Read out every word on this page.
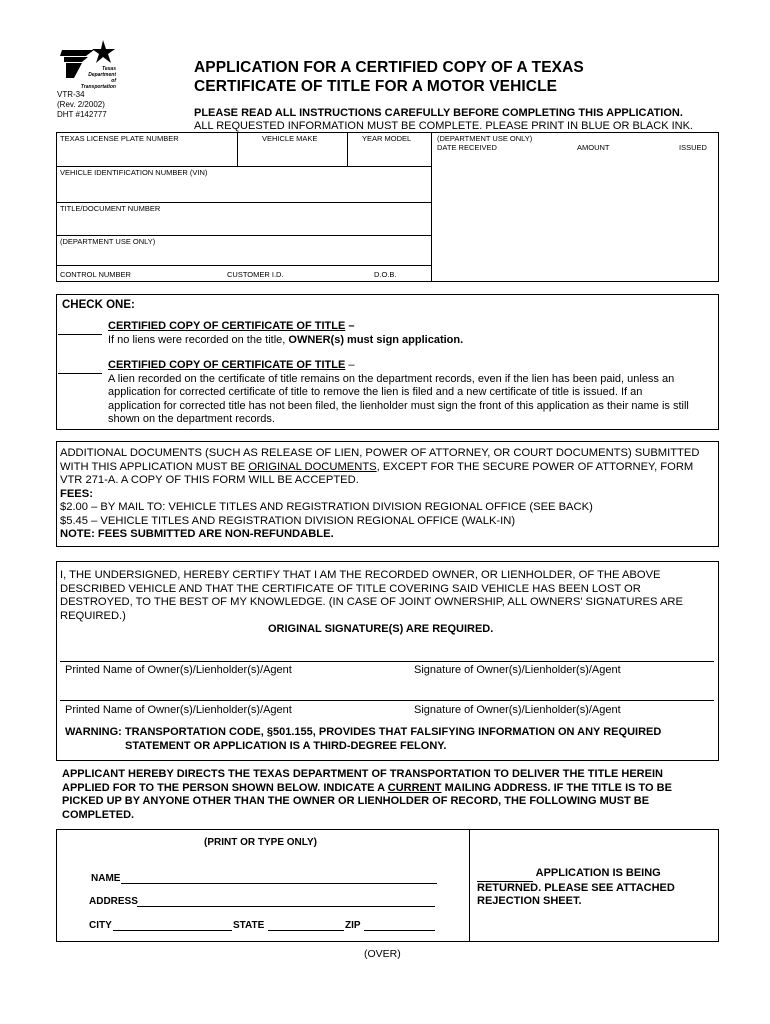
Texas
Department
of Transportation
VTR-34
(Rev. 2/2002)
DHT #142777
APPLICATION FOR A CERTIFIED COPY OF A TEXAS
CERTIFICATE OF TITLE FOR A MOTOR VEHICLE
PLEASE READ ALL INSTRUCTIONS CAREFULLY BEFORE COMPLETING THIS APPLICATION.
ALL REQUESTED INFORMATION MUST BE COMPLETE. PLEASE PRINT IN BLUE OR BLACK INK.
TEXAS LICENSE PLATE NUMBER	VEHICLE MAKE	YEAR MODEL	(DEPARTMENT USE ONLY)
DATE RECEIVED	AMOUNT	ISSUED
VEHICLE IDENTIFICATION NUMBER (VIN)
TITLE/DOCUMENT NUMBER
(DEPARTMENT USE ONLY)
CONTROL NUMBER	CUSTOMER I.D.	D.O.B.
CHECK ONE:

CERTIFIED COPY OF CERTIFICATE OF TITLE –
If no liens were recorded on the title, OWNER(s) must sign application.

CERTIFIED COPY OF CERTIFICATE OF TITLE –
A lien recorded on the certificate of title remains on the department records, even if the lien has been paid, unless an
application for corrected certificate of title to remove the lien is filed and a new certificate of title is issued. If an
application for corrected title has not been filed, the lienholder must sign the front of this application as their name is still
shown on the department records.
ADDITIONAL DOCUMENTS (SUCH AS RELEASE OF LIEN, POWER OF ATTORNEY, OR COURT DOCUMENTS) SUBMITTED
WITH THIS APPLICATION MUST BE ORIGINAL DOCUMENTS, EXCEPT FOR THE SECURE POWER OF ATTORNEY, FORM
VTR 271-A. A COPY OF THIS FORM WILL BE ACCEPTED.
FEES:
$2.00 – BY MAIL TO: VEHICLE TITLES AND REGISTRATION DIVISION REGIONAL OFFICE (SEE BACK)
$5.45 – VEHICLE TITLES AND REGISTRATION DIVISION REGIONAL OFFICE (WALK-IN)
NOTE: FEES SUBMITTED ARE NON-REFUNDABLE.
I, THE UNDERSIGNED, HEREBY CERTIFY THAT I AM THE RECORDED OWNER, OR LIENHOLDER, OF THE ABOVE
DESCRIBED VEHICLE AND THAT THE CERTIFICATE OF TITLE COVERING SAID VEHICLE HAS BEEN LOST OR
DESTROYED, TO THE BEST OF MY KNOWLEDGE. (IN CASE OF JOINT OWNERSHIP, ALL OWNERS' SIGNATURES ARE
REQUIRED.)
ORIGINAL SIGNATURE(S) ARE REQUIRED.
Printed Name of Owner(s)/Lienholder(s)/Agent	Signature of Owner(s)/Lienholder(s)/Agent
Printed Name of Owner(s)/Lienholder(s)/Agent	Signature of Owner(s)/Lienholder(s)/Agent
WARNING: TRANSPORTATION CODE, §501.155, PROVIDES THAT FALSIFYING INFORMATION ON ANY REQUIRED
STATEMENT OR APPLICATION IS A THIRD-DEGREE FELONY.
APPLICANT HEREBY DIRECTS THE TEXAS DEPARTMENT OF TRANSPORTATION TO DELIVER THE TITLE HEREIN
APPLIED FOR TO THE PERSON SHOWN BELOW. INDICATE A CURRENT MAILING ADDRESS. IF THE TITLE IS TO BE
PICKED UP BY ANYONE OTHER THAN THE OWNER OR LIENHOLDER OF RECORD, THE FOLLOWING MUST BE
COMPLETED.
(PRINT OR TYPE ONLY)
NAME
ADDRESS
CITY	STATE	ZIP
APPLICATION IS BEING
RETURNED. PLEASE SEE ATTACHED
REJECTION SHEET.
(OVER)
